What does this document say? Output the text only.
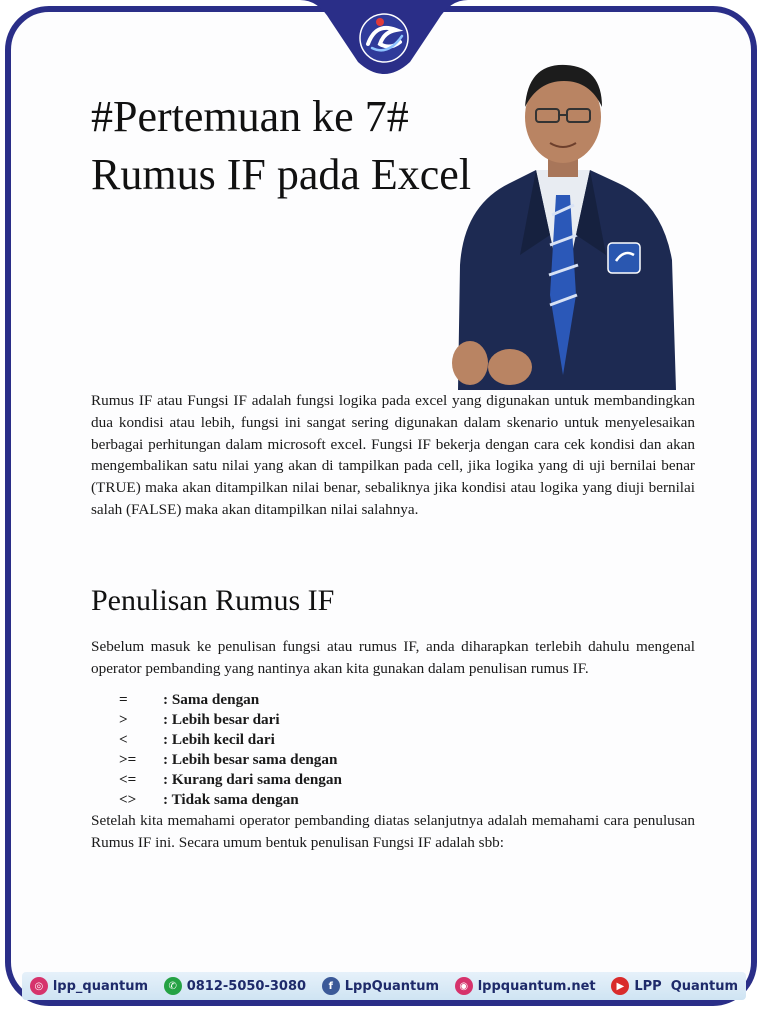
#Pertemuan ke 7#
Rumus IF pada Excel

Rumus IF atau Fungsi IF adalah fungsi logika pada excel yang digunakan untuk membandingkan dua kondisi atau lebih, fungsi ini sangat sering digunakan dalam skenario untuk menyelesaikan berbagai perhitungan dalam microsoft excel. Fungsi IF bekerja dengan cara cek kondisi dan akan mengembalikan satu nilai yang akan di tampilkan pada cell, jika logika yang di uji bernilai benar (TRUE) maka akan ditampilkan nilai benar, sebaliknya jika kondisi atau logika yang diuji bernilai salah (FALSE) maka akan ditampilkan nilai salahnya.

Penulisan Rumus IF

Sebelum masuk ke penulisan fungsi atau rumus IF, anda diharapkan terlebih dahulu mengenal operator pembanding yang nantinya akan kita gunakan dalam penulisan rumus IF.

=	: Sama dengan
>	: Lebih besar dari
<	: Lebih kecil dari
>=	: Lebih besar sama dengan
<=	: Kurang dari sama dengan
<>	: Tidak sama dengan

Setelah kita memahami operator pembanding diatas selanjutnya adalah memahami cara penulusan Rumus IF ini. Secara umum bentuk penulisan Fungsi IF adalah sbb:

◎ lpp_quantum	✆ 0812-5050-3080	f LppQuantum	◉ lppquantum.net	▶ LPP  Quantum
